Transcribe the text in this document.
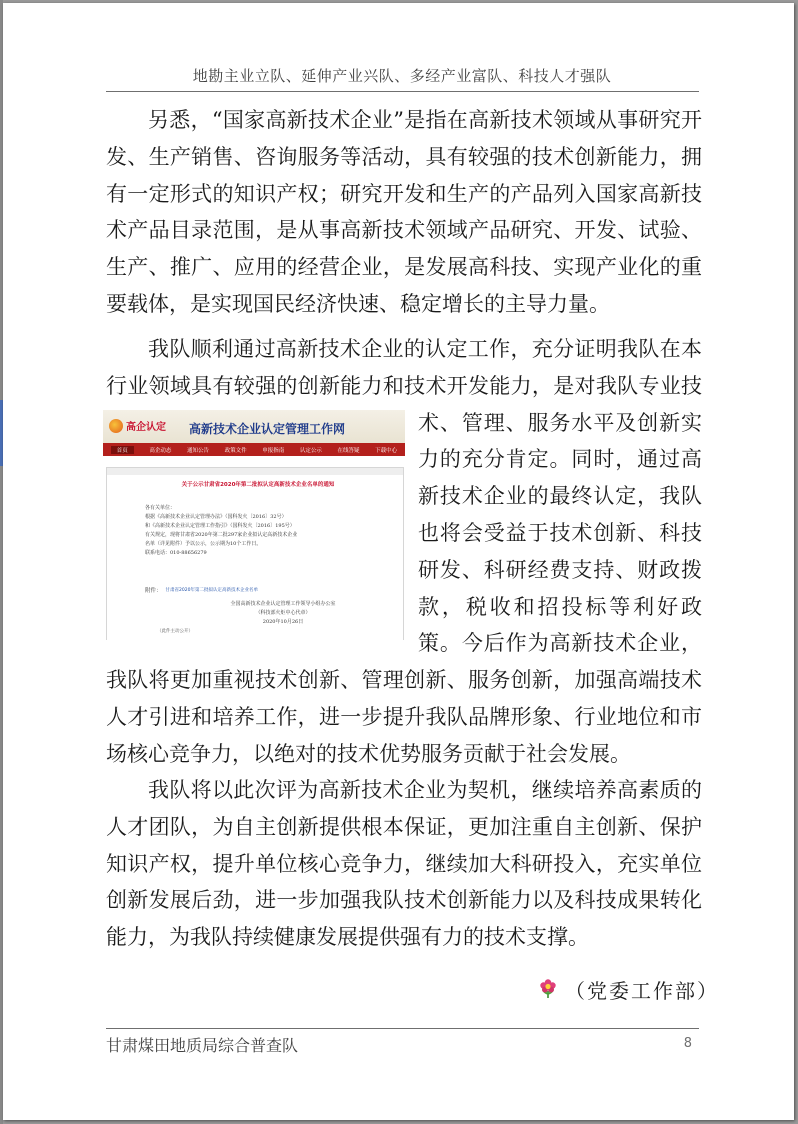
地勘主业立队、延伸产业兴队、多经产业富队、科技人才强队

另悉，“国家高新技术企业”是指在高新技术领域从事研究开发、生产销售、咨询服务等活动，具有较强的技术创新能力，拥有一定形式的知识产权；研究开发和生产的产品列入国家高新技术产品目录范围，是从事高新技术领域产品研究、开发、试验、生产、推广、应用的经营企业，是发展高科技、实现产业化的重要载体，是实现国民经济快速、稳定增长的主导力量。

我队顺利通过高新技术企业的认定工作，充分证明我队在本行业领域具有较强的创新能力和技术开发能力，是对我队专业技
术、管理、服务水平及创新实力的充分肯定。同时，通过高新技术企业的最终认定，我队也将会受益于技术创新、科技研发、科研经费支持、财政拨款，税收和招投标等利好政策。今后作为高新技术企业，我队将更加重视技术创新、管理创新、服务创新，加强高端技术人才引进和培养工作，进一步提升我队品牌形象、行业地位和市场核心竞争力，以绝对的技术优势服务贡献于社会发展。

我队将以此次评为高新技术企业为契机，继续培养高素质的人才团队，为自主创新提供根本保证，更加注重自主创新、保护知识产权，提升单位核心竞争力，继续加大科研投入，充实单位创新发展后劲，进一步加强我队技术创新能力以及科技成果转化能力，为我队持续健康发展提供强有力的技术支撑。

（党委工作部）
甘肃煤田地质局综合普查队	8
高企认定 高新技术企业认定管理工作网
首页	高企动态	通知公告	政策文件	申报指南	认定公示	在线答疑	下载中心
关于公示甘肃省2020年第二批拟认定高新技术企业名单的通知
各有关单位：
根据《高新技术企业认定管理办法》（国科发火〔2016〕32号）
和《高新技术企业认定管理工作指引》（国科发火〔2016〕195号）
有关规定，现将甘肃省2020年第二批297家企业拟认定高新技术企业
名单（详见附件）予以公示，公示期为10个工作日。
联系电话：010-88656279
附件： 甘肃省2020年第二批拟认定高新技术企业名单
全国高新技术企业认定管理工作领导小组办公室
（科技部火炬中心代章）
2020年10月26日
（此件主动公开）
